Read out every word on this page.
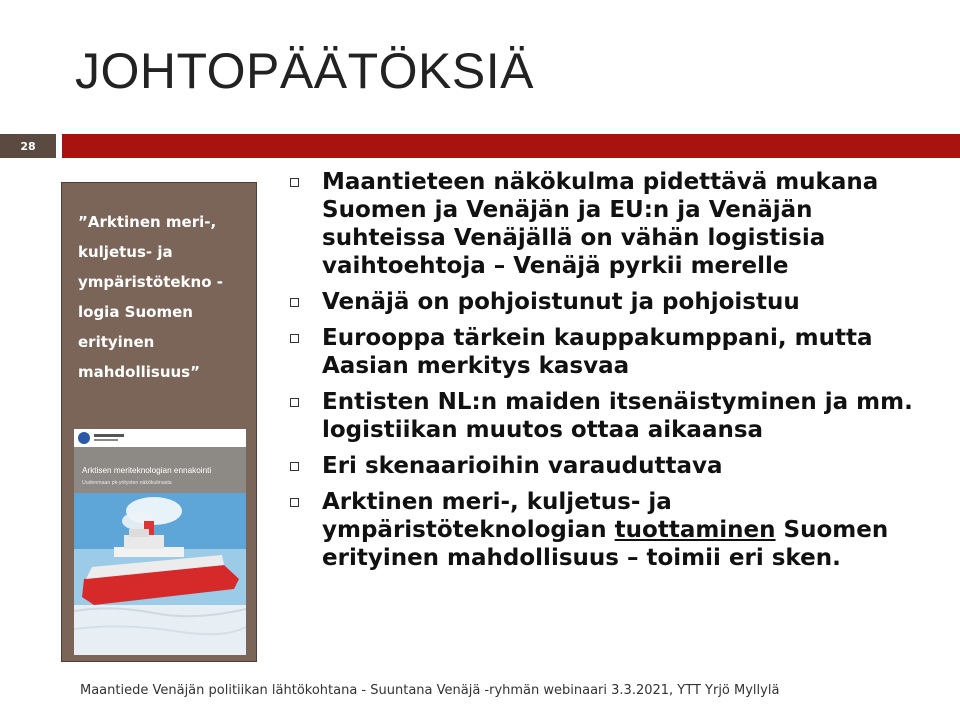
JOHTOPÄÄTÖKSIÄ
28

”Arktinen meri-, kuljetus- ja ympäristötekno -logia Suomen erityinen mahdollisuus”

Arktisen meriteknologian ennakointi
Uudenmaan pk-yritysten näkökulmasta
Maantieteen näkökulma pidettävä mukana Suomen ja Venäjän ja EU:n ja Venäjän suhteissa Venäjällä on vähän logistisia vaihtoehtoja – Venäjä pyrkii merelle
Venäjä on pohjoistunut ja pohjoistuu
Eurooppa tärkein kauppakumppani, mutta Aasian merkitys kasvaa
Entisten NL:n maiden itsenäistyminen ja mm. logistiikan muutos ottaa aikaansa
Eri skenaarioihin varauduttava
Arktinen meri-, kuljetus- ja ympäristöteknologian tuottaminen Suomen erityinen mahdollisuus – toimii eri sken.

Maantiede Venäjän politiikan lähtökohtana - Suuntana Venäjä -ryhmän webinaari 3.3.2021, YTT Yrjö Myllylä
